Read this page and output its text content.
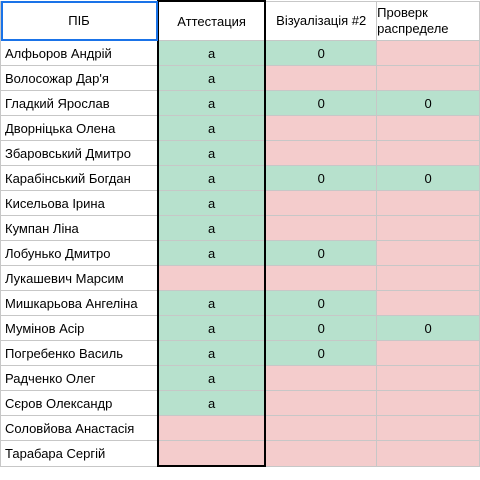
ПІБ	Аттестация	Візуалізація #2	Проверк
распределе

Алфьоров Андрій	a	0	
Волосожар Дар'я	a		
Гладкий Ярослав	a	0	0
Дворніцька Олена	a		
Збаровський Дмитро	a		
Карабінський Богдан	a	0	0
Кисельова Ірина	a		
Кумпан Ліна	a		
Лобунько Дмитро	a	0	
Лукашевич Марсим			
Мишкарьова Ангеліна	a	0	
Мумінов Асір	a	0	0
Погребенко Василь	a	0	
Радченко Олег	a		
Сєров Олександр	a		
Соловйова Анастасія			
Тарабара Сергій			
